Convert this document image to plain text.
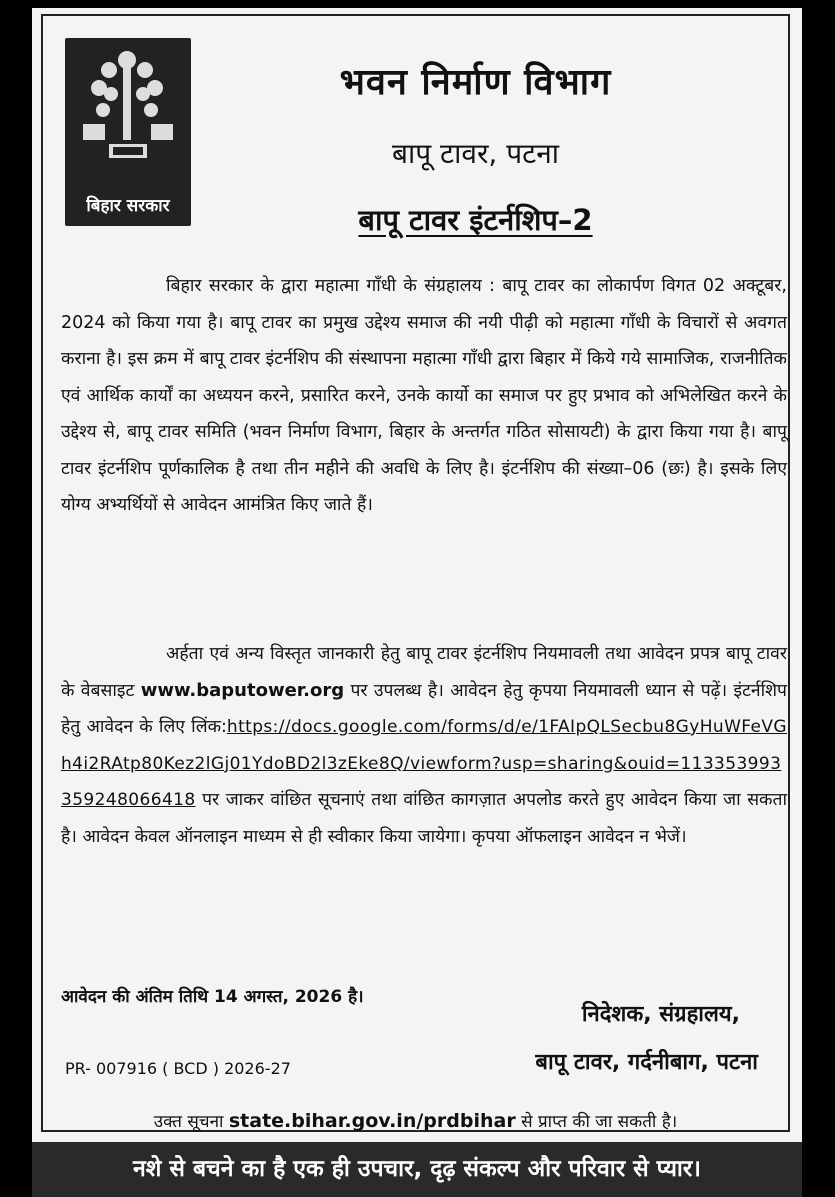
बिहार सरकार
भवन निर्माण विभाग
बापू टावर, पटना
बापू टावर इंटर्नशिप–2

बिहार सरकार के द्वारा महात्मा गाँधी के संग्रहालय : बापू टावर का लोकार्पण विगत 02 अक्टूबर, 2024 को किया गया है। बापू टावर का प्रमुख उद्देश्य समाज की नयी पीढ़ी को महात्मा गाँधी के विचारों से अवगत कराना है। इस क्रम में बापू टावर इंटर्नशिप की संस्थापना महात्मा गाँधी द्वारा बिहार में किये गये सामाजिक, राजनीतिक एवं आर्थिक कार्यों का अध्ययन करने, प्रसारित करने, उनके कार्यो का समाज पर हुए प्रभाव को अभिलेखित करने के उद्देश्य से, बापू टावर समिति (भवन निर्माण विभाग, बिहार के अन्तर्गत गठित सोसायटी) के द्वारा किया गया है। बापू टावर इंटर्नशिप पूर्णकालिक है तथा तीन महीने की अवधि के लिए है। इंटर्नशिप की संख्या–06 (छः) है। इसके लिए योग्य अभ्यर्थियों से आवेदन आमंत्रित किए जाते हैं।

अर्हता एवं अन्य विस्तृत जानकारी हेतु बापू टावर इंटर्नशिप नियमावली तथा आवेदन प्रपत्र बापू टावर के वेबसाइट www.baputower.org पर उपलब्ध है। आवेदन हेतु कृपया नियमावली ध्यान से पढ़ें। इंटर्नशिप हेतु आवेदन के लिए लिंक:https://docs.google.com/forms/d/e/1FAIpQLSecbu8GyHuWFeVGh4i2RAtp80Kez2lGj01YdoBD2l3zEke8Q/viewform?usp=sharing&ouid=113353993359248066418 पर जाकर वांछित सूचनाएं तथा वांछित कागज़ात अपलोड करते हुए आवेदन किया जा सकता है। आवेदन केवल ऑनलाइन माध्यम से ही स्वीकार किया जायेगा। कृपया ऑफलाइन आवेदन न भेजें।

आवेदन की अंतिम तिथि 14 अगस्त, 2026 है।
निदेशक, संग्रहालय,
PR- 007916 ( BCD ) 2026-27	बापू टावर, गर्दनीबाग, पटना
उक्त सूचना state.bihar.gov.in/prdbihar से प्राप्त की जा सकती है।
नशे से बचने का है एक ही उपचार, दृढ़ संकल्प और परिवार से प्यार।
